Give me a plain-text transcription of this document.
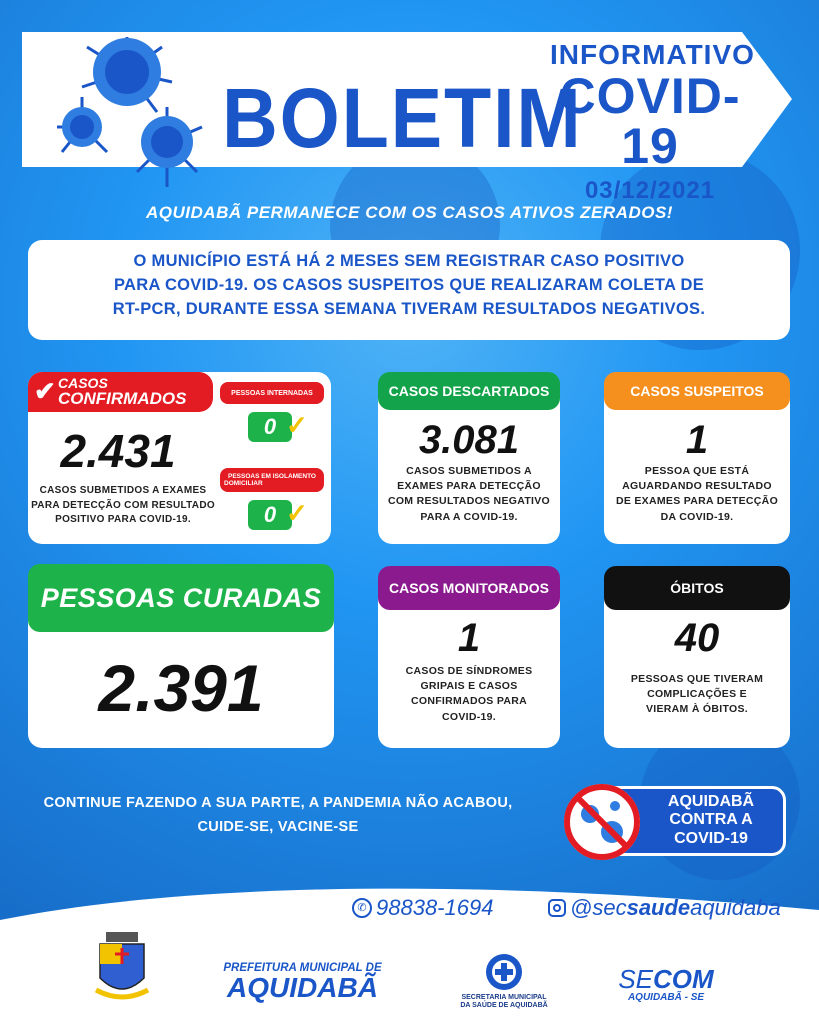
BOLETIM
INFORMATIVO
COVID-19
03/12/2021
AQUIDABÃ PERMANECE COM OS CASOS ATIVOS ZERADOS!
O MUNICÍPIO ESTÁ HÁ 2 MESES SEM REGISTRAR CASO POSITIVO
PARA COVID-19. OS CASOS SUSPEITOS QUE REALIZARAM COLETA DE
RT-PCR, DURANTE ESSA SEMANA TIVERAM RESULTADOS NEGATIVOS.
✔ CASOS
CONFIRMADOS
2.431
CASOS SUBMETIDOS A EXAMES
PARA DETECÇÃO COM RESULTADO
POSITIVO PARA COVID-19.
PESSOAS INTERNADAS
0 ✓
PESSOAS EM ISOLAMENTO
DOMICILIAR
0 ✓
CASOS DESCARTADOS
3.081
CASOS SUBMETIDOS A
EXAMES PARA DETECÇÃO
COM RESULTADOS NEGATIVO
PARA A COVID-19.
CASOS SUSPEITOS
1
PESSOA QUE ESTÁ
AGUARDANDO RESULTADO
DE EXAMES PARA DETECÇÃO
DA COVID-19.
PESSOAS CURADAS
2.391
CASOS MONITORADOS
1
CASOS DE SÍNDROMES
GRIPAIS E CASOS
CONFIRMADOS PARA
COVID-19.
ÓBITOS
40
PESSOAS QUE TIVERAM
COMPLICAÇÕES E
VIERAM À ÓBITOS.
CONTINUE FAZENDO A SUA PARTE, A PANDEMIA NÃO ACABOU,
CUIDE-SE, VACINE-SE
AQUIDABÃ
CONTRA A
COVID-19
✆ 98838-1694	@secsaudeaquidaba
PREFEITURA MUNICIPAL DE
AQUIDABÃ	SECRETARIA MUNICIPAL
DA SAÚDE DE AQUIDABÃ
SECOM
AQUIDABÃ - SE
